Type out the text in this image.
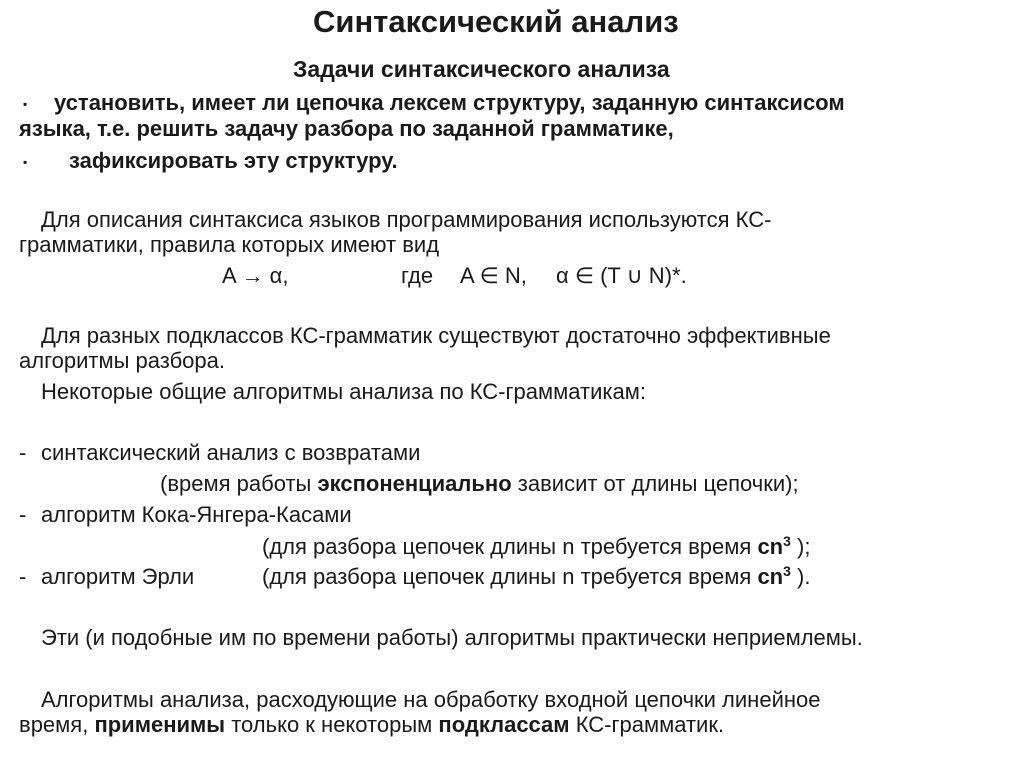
Синтаксический анализ
Задачи синтаксического анализа
▪ установить, имеет ли цепочка лексем структуру, заданную синтаксисом
языка, т.е. решить задачу разбора по заданной грамматике,
▪ зафиксировать эту структуру.
Для описания синтаксиса языков программирования используются КС-
грамматики, правила которых имеют вид
A → α,	где A ∈ N, α ∈ (T ∪ N)*.
Для разных подклассов КС-грамматик существуют достаточно эффективные
алгоритмы разбора.
Некоторые общие алгоритмы анализа по КС-грамматикам:
- синтаксический анализ с возвратами
(время работы экспоненциально зависит от длины цепочки);
- алгоритм Кока-Янгера-Касами
(для разбора цепочек длины n требуется время $cn^3$ );
- алгоритм Эрли	(для разбора цепочек длины n требуется время $cn^3$ ).
Эти (и подобные им по времени работы) алгоритмы практически неприемлемы.
Алгоритмы анализа, расходующие на обработку входной цепочки линейное
время, применимы только к некоторым подклассам КС-грамматик.
